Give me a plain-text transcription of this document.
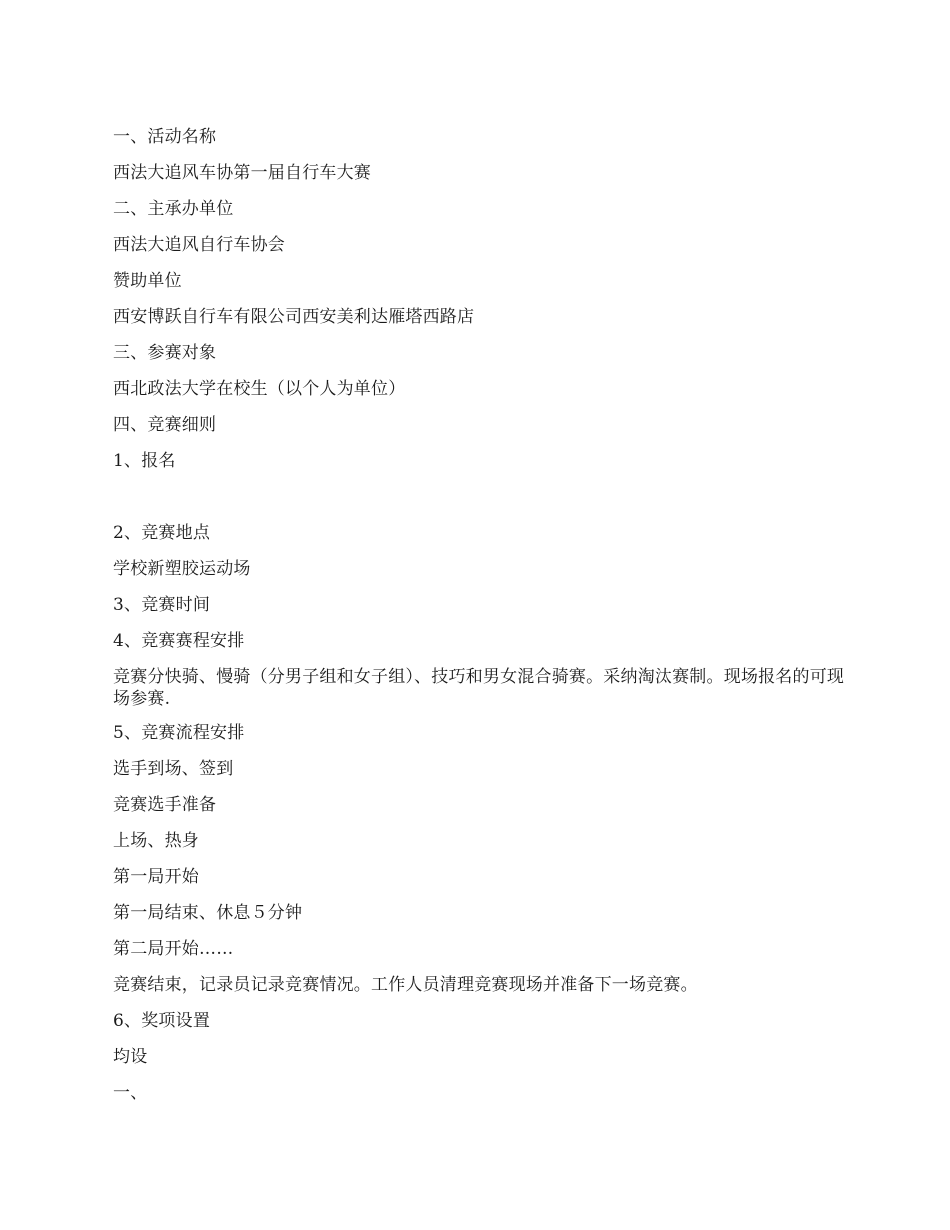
一、活动名称

西法大追风车协第一届自行车大赛

二、主承办单位

西法大追风自行车协会

赞助单位

西安博跃自行车有限公司西安美利达雁塔西路店

三、参赛对象

西北政法大学在校生（以个人为单位）

四、竞赛细则

1、报名

2、竞赛地点

学校新塑胶运动场

3、竞赛时间

4、竞赛赛程安排

竞赛分快骑、慢骑（分男子组和女子组）、技巧和男女混合骑赛。采纳淘汰赛制。现场报名的可现场参赛.

5、竞赛流程安排

选手到场、签到

竞赛选手准备

上场、热身

第一局开始

第一局结束、休息５分钟

第二局开始……

竞赛结束，记录员记录竞赛情况。工作人员清理竞赛现场并准备下一场竞赛。

6、奖项设置

均设

一、
